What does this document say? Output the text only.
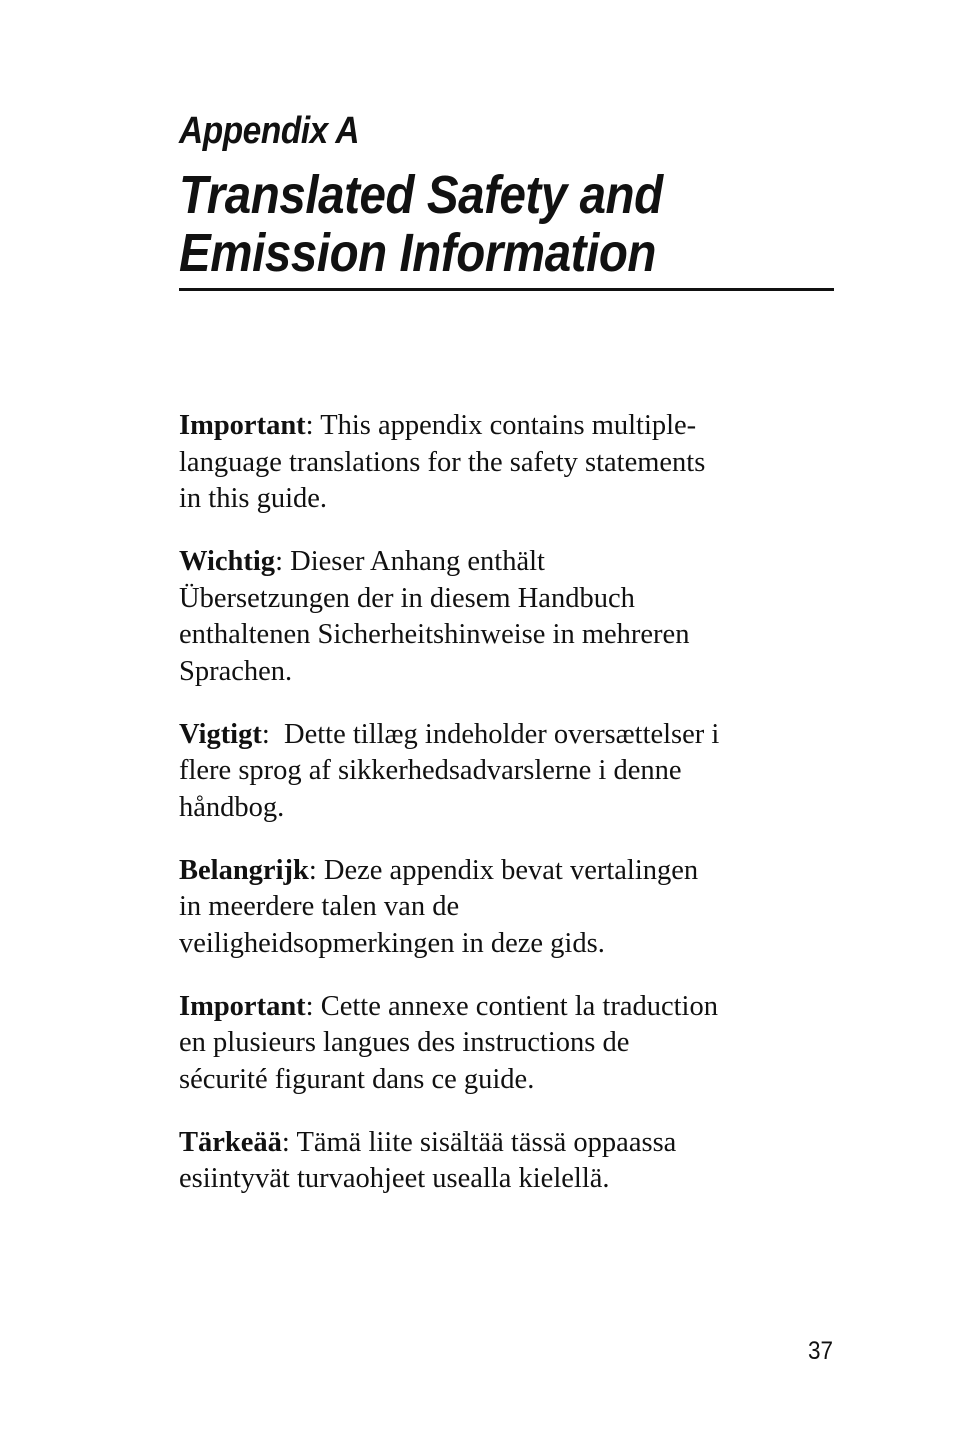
Appendix A
Translated Safety and
Emission Information

Important: This appendix contains multiple-
language translations for the safety statements
in this guide.

Wichtig: Dieser Anhang enthält
Übersetzungen der in diesem Handbuch
enthaltenen Sicherheitshinweise in mehreren
Sprachen.

Vigtigt:  Dette tillæg indeholder oversættelser i
flere sprog af sikkerhedsadvarslerne i denne
håndbog.

Belangrijk: Deze appendix bevat vertalingen
in meerdere talen van de
veiligheidsopmerkingen in deze gids.

Important: Cette annexe contient la traduction
en plusieurs langues des instructions de
sécurité figurant dans ce guide.

Tärkeää: Tämä liite sisältää tässä oppaassa
esiintyvät turvaohjeet usealla kielellä.

37
